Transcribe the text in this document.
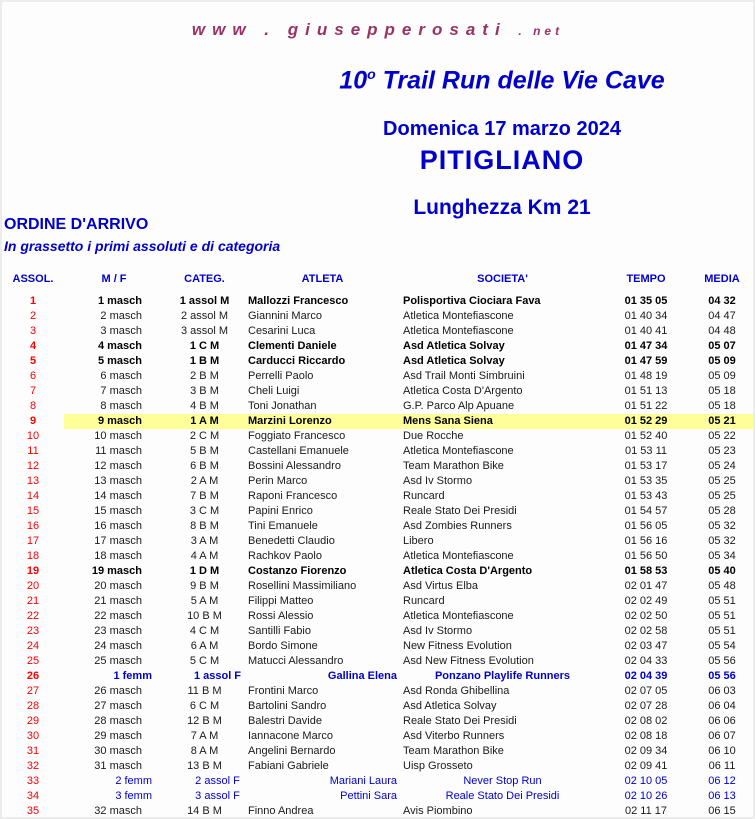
www . giusepperosati . net
10$^o$ Trail Run delle Vie Cave
Domenica 17 marzo 2024
PITIGLIANO
Lunghezza Km 21
ORDINE D'ARRIVO
In grassetto i primi assoluti e di categoria
ASSOL.	M / F	CATEG.	ATLETA	SOCIETA'	TEMPO	MEDIA
1	1 masch	1 assol M	Mallozzi Francesco	Polisportiva Ciociara Fava	01 35 05	04 32
2	2 masch	2 assol M	Giannini Marco	Atletica Montefiascone	01 40 34	04 47
3	3 masch	3 assol M	Cesarini Luca	Atletica Montefiascone	01 40 41	04 48
4	4 masch	1 C M	Clementi Daniele	Asd Atletica Solvay	01 47 34	05 07
5	5 masch	1 B M	Carducci Riccardo	Asd Atletica Solvay	01 47 59	05 09
6	6 masch	2 B M	Perrelli Paolo	Asd Trail Monti Simbruini	01 48 19	05 09
7	7 masch	3 B M	Cheli Luigi	Atletica Costa D'Argento	01 51 13	05 18
8	8 masch	4 B M	Toni Jonathan	G.P. Parco Alp Apuane	01 51 22	05 18
9	9 masch	1 A M	Marzini Lorenzo	Mens Sana Siena	01 52 29	05 21
10	10 masch	2 C M	Foggiato Francesco	Due Rocche	01 52 40	05 22
11	11 masch	5 B M	Castellani Emanuele	Atletica Montefiascone	01 53 11	05 23
12	12 masch	6 B M	Bossini Alessandro	Team Marathon Bike	01 53 17	05 24
13	13 masch	2 A M	Perin Marco	Asd Iv Stormo	01 53 35	05 25
14	14 masch	7 B M	Raponi Francesco	Runcard	01 53 43	05 25
15	15 masch	3 C M	Papini Enrico	Reale Stato Dei Presidi	01 54 57	05 28
16	16 masch	8 B M	Tini Emanuele	Asd Zombies Runners	01 56 05	05 32
17	17 masch	3 A M	Benedetti Claudio	Libero	01 56 16	05 32
18	18 masch	4 A M	Rachkov Paolo	Atletica Montefiascone	01 56 50	05 34
19	19 masch	1 D M	Costanzo Fiorenzo	Atletica Costa D'Argento	01 58 53	05 40
20	20 masch	9 B M	Rosellini Massimiliano	Asd Virtus Elba	02 01 47	05 48
21	21 masch	5 A M	Filippi Matteo	Runcard	02 02 49	05 51
22	22 masch	10 B M	Rossi Alessio	Atletica Montefiascone	02 02 50	05 51
23	23 masch	4 C M	Santilli Fabio	Asd Iv Stormo	02 02 58	05 51
24	24 masch	6 A M	Bordo Simone	New Fitness Evolution	02 03 47	05 54
25	25 masch	5 C M	Matucci Alessandro	Asd New Fitness Evolution	02 04 33	05 56
26	1 femm	1 assol F	Gallina Elena	Ponzano Playlife Runners	02 04 39	05 56
27	26 masch	11 B M	Frontini Marco	Asd Ronda Ghibellina	02 07 05	06 03
28	27 masch	6 C M	Bartolini Sandro	Asd Atletica Solvay	02 07 28	06 04
29	28 masch	12 B M	Balestri Davide	Reale Stato Dei Presidi	02 08 02	06 06
30	29 masch	7 A M	Iannacone Marco	Asd Viterbo Runners	02 08 18	06 07
31	30 masch	8 A M	Angelini Bernardo	Team Marathon Bike	02 09 34	06 10
32	31 masch	13 B M	Fabiani Gabriele	Uisp Grosseto	02 09 41	06 11
33	2 femm	2 assol F	Mariani Laura	Never Stop Run	02 10 05	06 12
34	3 femm	3 assol F	Pettini Sara	Reale Stato Dei Presidi	02 10 26	06 13
35	32 masch	14 B M	Finno Andrea	Avis Piombino	02 11 17	06 15
